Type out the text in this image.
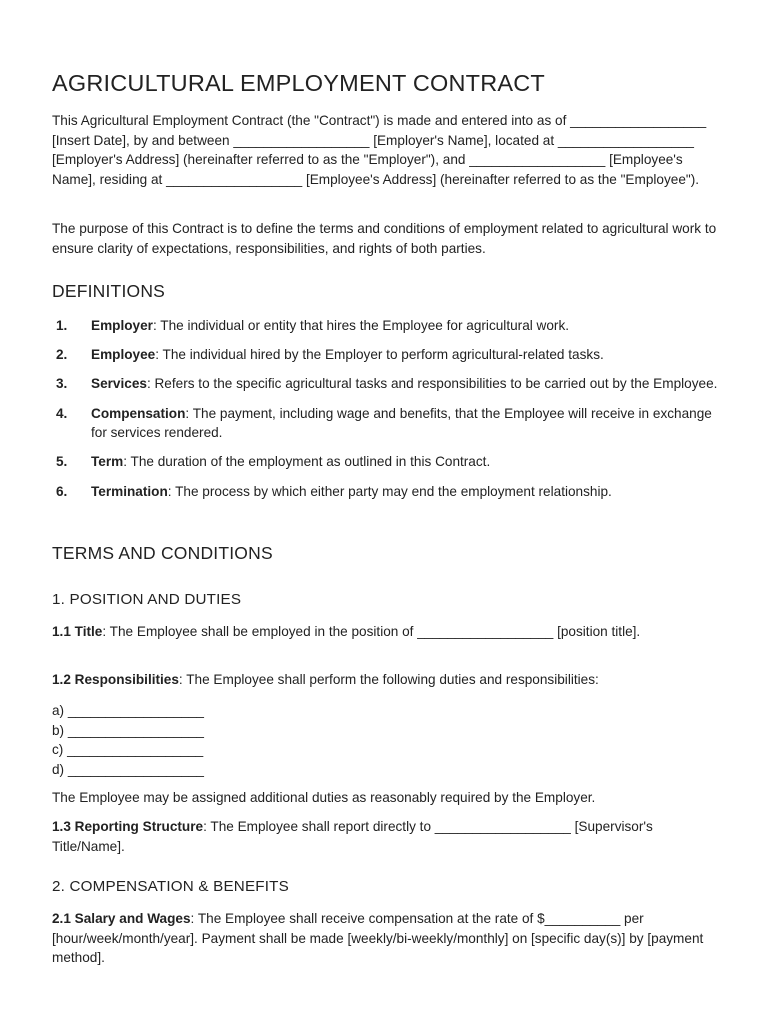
AGRICULTURAL EMPLOYMENT CONTRACT

This Agricultural Employment Contract (the "Contract") is made and entered into as of __________________ [Insert Date], by and between __________________ [Employer's Name], located at __________________ [Employer's Address] (hereinafter referred to as the "Employer"), and __________________ [Employee's Name], residing at __________________ [Employee's Address] (hereinafter referred to as the "Employee").

The purpose of this Contract is to define the terms and conditions of employment related to agricultural work to ensure clarity of expectations, responsibilities, and rights of both parties.

DEFINITIONS
1. Employer: The individual or entity that hires the Employee for agricultural work.
2. Employee: The individual hired by the Employer to perform agricultural-related tasks.
3. Services: Refers to the specific agricultural tasks and responsibilities to be carried out by the Employee.
4. Compensation: The payment, including wage and benefits, that the Employee will receive in exchange for services rendered.
5. Term: The duration of the employment as outlined in this Contract.
6. Termination: The process by which either party may end the employment relationship.
TERMS AND CONDITIONS
1. POSITION AND DUTIES

1.1 Title: The Employee shall be employed in the position of __________________ [position title].

1.2 Responsibilities: The Employee shall perform the following duties and responsibilities:

a) __________________
b) __________________
c) __________________
d) __________________

The Employee may be assigned additional duties as reasonably required by the Employer.

1.3 Reporting Structure: The Employee shall report directly to __________________ [Supervisor's Title/Name].

2. COMPENSATION & BENEFITS

2.1 Salary and Wages: The Employee shall receive compensation at the rate of $__________ per [hour/week/month/year]. Payment shall be made [weekly/bi-weekly/monthly] on [specific day(s)] by [payment method].
